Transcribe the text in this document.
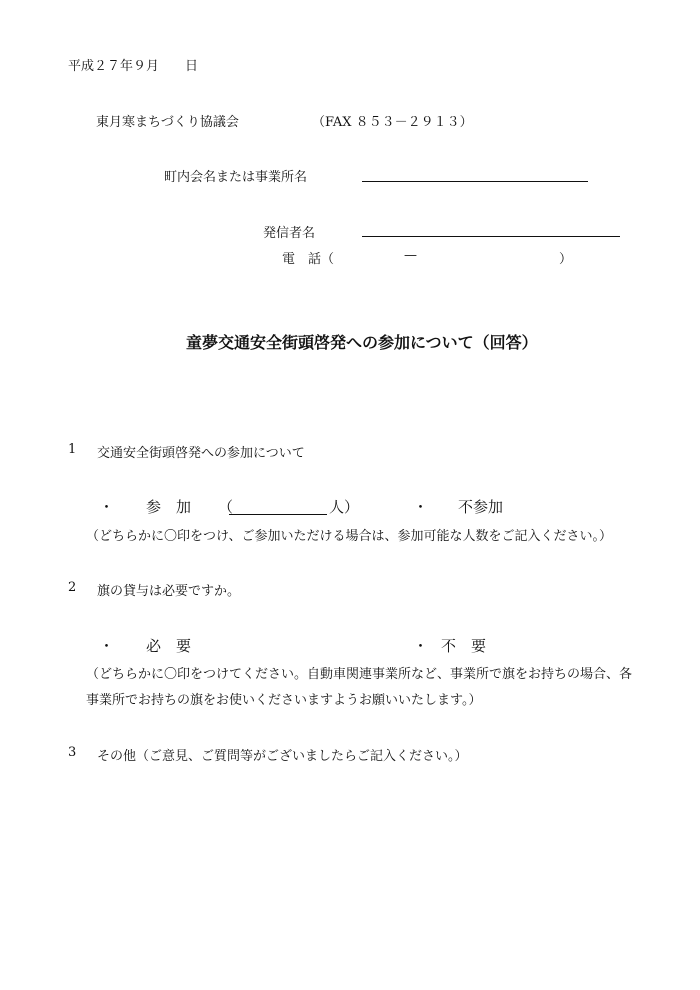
平成２７年９月　　日
東月寒まちづくり協議会	（FAX ８５３－２９１３）
町内会名または事業所名
発信者名
電　話（	—	）
童夢交通安全街頭啓発への参加について（回答）
1 交通安全街頭啓発への参加について
・ 参　加 （	人）	・ 不参加
（どちらかに〇印をつけ、ご参加いただける場合は、参加可能な人数をご記入ください。）
2 旗の貸与は必要ですか。
・ 必　要	・ 不　要
（どちらかに〇印をつけてください。自動車関連事業所など、事業所で旗をお持ちの場合、各
事業所でお持ちの旗をお使いくださいますようお願いいたします。）
3 その他（ご意見、ご質問等がございましたらご記入ください。）
